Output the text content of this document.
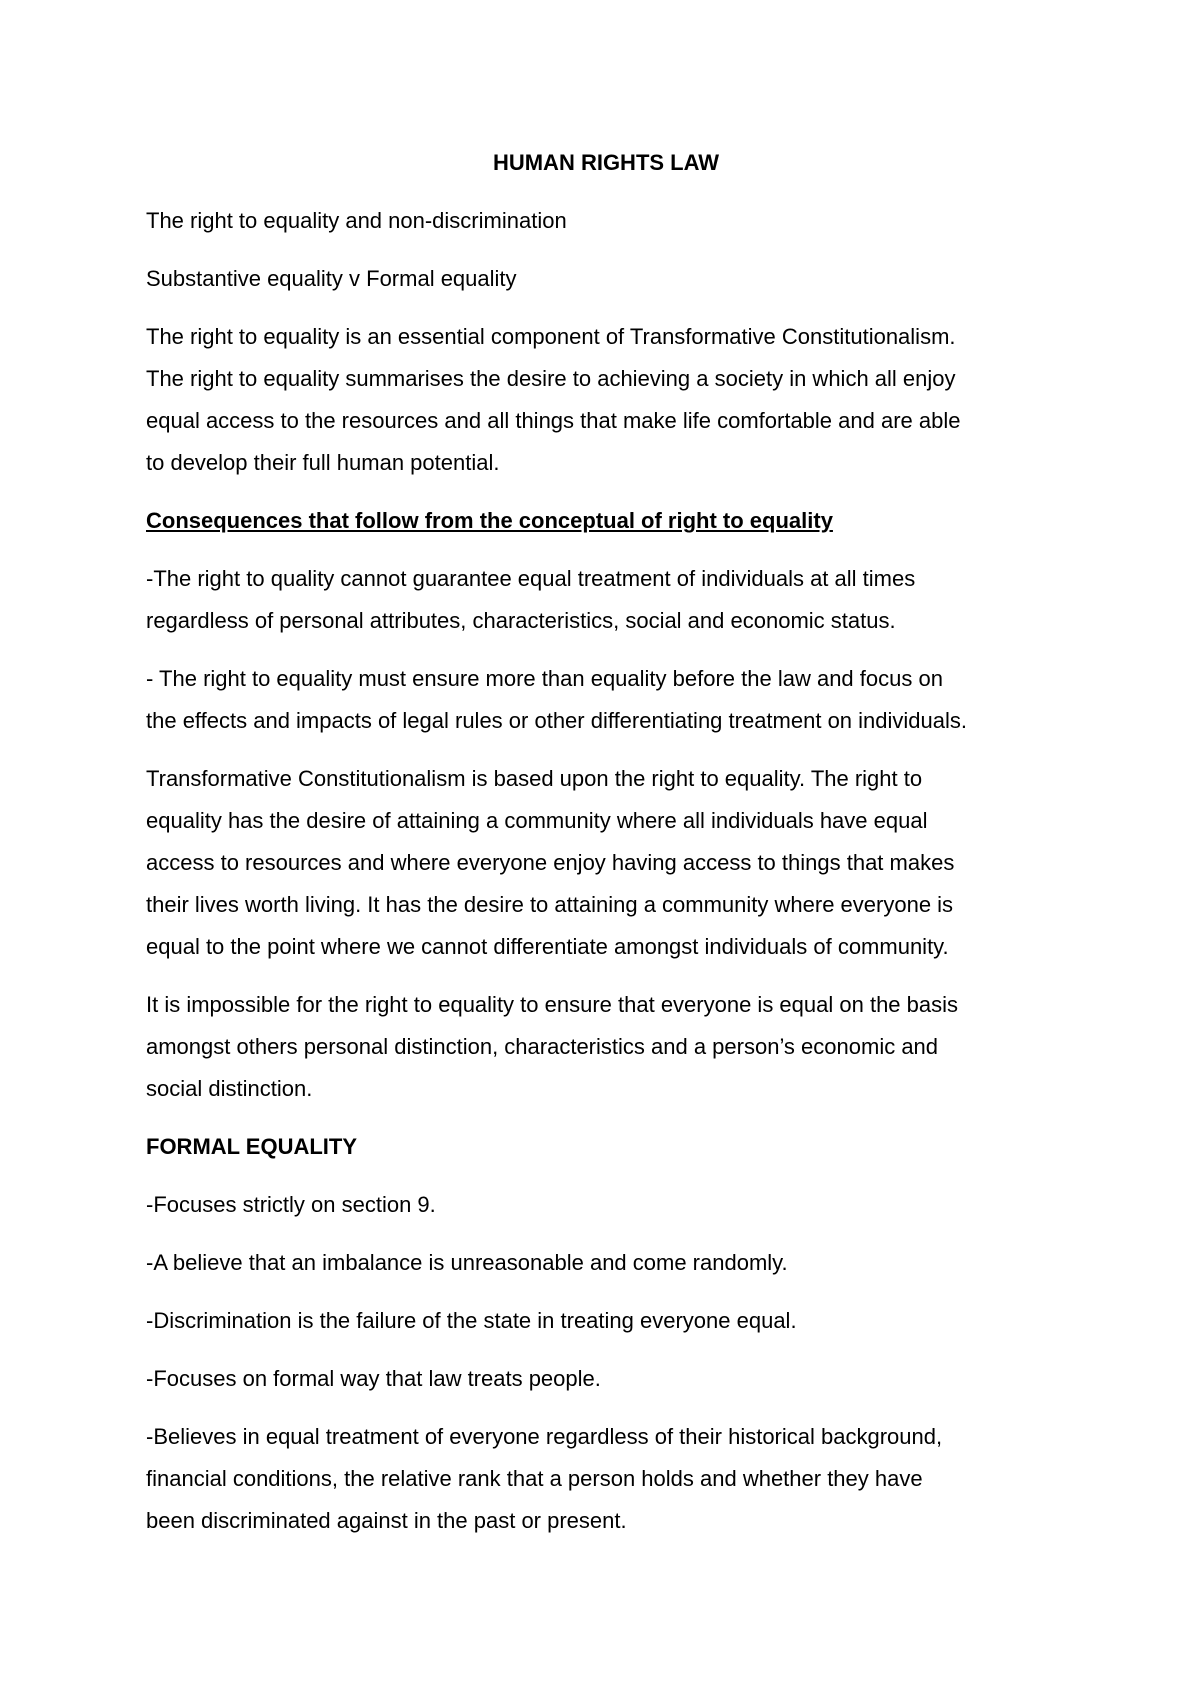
HUMAN RIGHTS LAW
The right to equality and non-discrimination
Substantive equality v Formal equality
The right to equality is an essential component of Transformative Constitutionalism.
The right to equality summarises the desire to achieving a society in which all enjoy
equal access to the resources and all things that make life comfortable and are able
to develop their full human potential.
Consequences that follow from the conceptual of right to equality
-The right to quality cannot guarantee equal treatment of individuals at all times
regardless of personal attributes, characteristics, social and economic status.
- The right to equality must ensure more than equality before the law and focus on
the effects and impacts of legal rules or other differentiating treatment on individuals.
Transformative Constitutionalism is based upon the right to equality. The right to
equality has the desire of attaining a community where all individuals have equal
access to resources and where everyone enjoy having access to things that makes
their lives worth living. It has the desire to attaining a community where everyone is
equal to the point where we cannot differentiate amongst individuals of community.
It is impossible for the right to equality to ensure that everyone is equal on the basis
amongst others personal distinction, characteristics and a person’s economic and
social distinction.
FORMAL EQUALITY
-Focuses strictly on section 9.
-A believe that an imbalance is unreasonable and come randomly.
-Discrimination is the failure of the state in treating everyone equal.
-Focuses on formal way that law treats people.
-Believes in equal treatment of everyone regardless of their historical background,
financial conditions, the relative rank that a person holds and whether they have
been discriminated against in the past or present.
